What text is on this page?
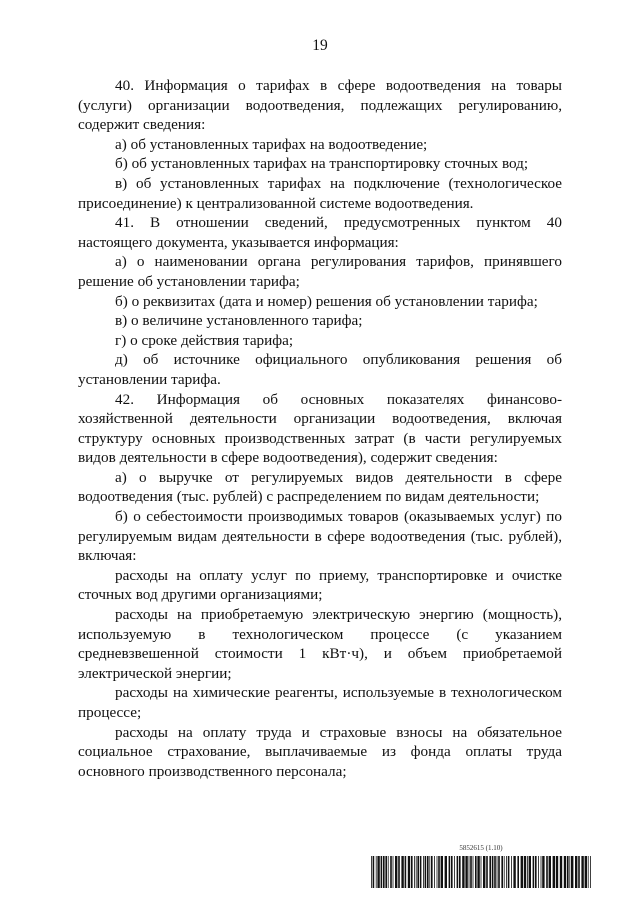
19

40. Информация о тарифах в сфере водоотведения на товары (услуги) организации водоотведения, подлежащих регулированию, содержит сведения:

а) об установленных тарифах на водоотведение;

б) об установленных тарифах на транспортировку сточных вод;

в) об установленных тарифах на подключение (технологическое присоединение) к централизованной системе водоотведения.

41. В отношении сведений, предусмотренных пунктом 40 настоящего документа, указывается информация:

а) о наименовании органа регулирования тарифов, принявшего решение об установлении тарифа;

б) о реквизитах (дата и номер) решения об установлении тарифа;

в) о величине установленного тарифа;

г) о сроке действия тарифа;

д) об источнике официального опубликования решения об установлении тарифа.

42. Информация об основных показателях финансово-хозяйственной деятельности организации водоотведения, включая структуру основных производственных затрат (в части регулируемых видов деятельности в сфере водоотведения), содержит сведения:

а) о выручке от регулируемых видов деятельности в сфере водоотведения (тыс. рублей) с распределением по видам деятельности;

б) о себестоимости производимых товаров (оказываемых услуг) по регулируемым видам деятельности в сфере водоотведения (тыс. рублей), включая:

расходы на оплату услуг по приему, транспортировке и очистке сточных вод другими организациями;

расходы на приобретаемую электрическую энергию (мощность), используемую в технологическом процессе (с указанием средневзвешенной стоимости 1 кВт·ч), и объем приобретаемой электрической энергии;

расходы на химические реагенты, используемые в технологическом процессе;

расходы на оплату труда и страховые взносы на обязательное социальное страхование, выплачиваемые из фонда оплаты труда основного производственного персонала;

5852615 (1.10)
